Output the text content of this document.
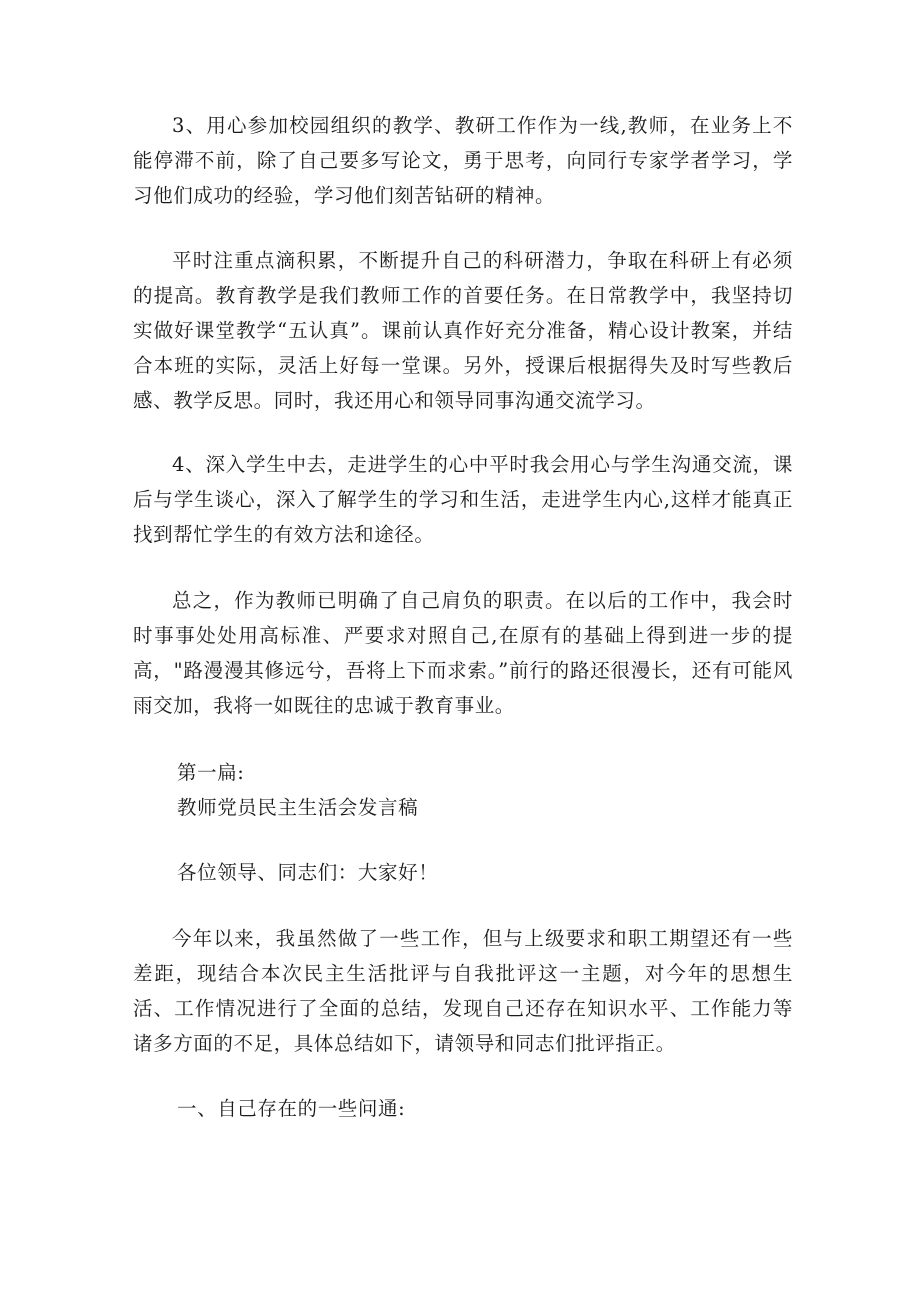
3、用心参加校园组织的教学、教研工作作为一线,教师，在业务上不能停滞不前，除了自己要多写论文，勇于思考，向同行专家学者学习，学习他们成功的经验，学习他们刻苦钻研的精神。

平时注重点滴积累，不断提升自己的科研潜力，争取在科研上有必须的提高。教育教学是我们教师工作的首要任务。在日常教学中，我坚持切实做好课堂教学“五认真”。课前认真作好充分准备，精心设计教案，并结合本班的实际，灵活上好每一堂课。另外，授课后根据得失及时写些教后感、教学反思。同时，我还用心和领导同事沟通交流学习。

4、深入学生中去，走进学生的心中平时我会用心与学生沟通交流，课后与学生谈心，深入了解学生的学习和生活，走进学生内心,这样才能真正找到帮忙学生的有效方法和途径。

总之，作为教师已明确了自己肩负的职责。在以后的工作中，我会时时事事处处用高标准、严要求对照自己,在原有的基础上得到进一步的提高，"路漫漫其修远兮，吾将上下而求索。”前行的路还很漫长，还有可能风雨交加，我将一如既往的忠诚于教育事业。

第一扁:

教师党员民主生活会发言稿

各位领导、同志们：大家好！

今年以来，我虽然做了一些工作，但与上级要求和职工期望还有一些差距，现结合本次民主生活批评与自我批评这一主题，对今年的思想生活、工作情况进行了全面的总结，发现自己还存在知识水平、工作能力等诸多方面的不足，具体总结如下，请领导和同志们批评指正。

一、自己存在的一些问通:
